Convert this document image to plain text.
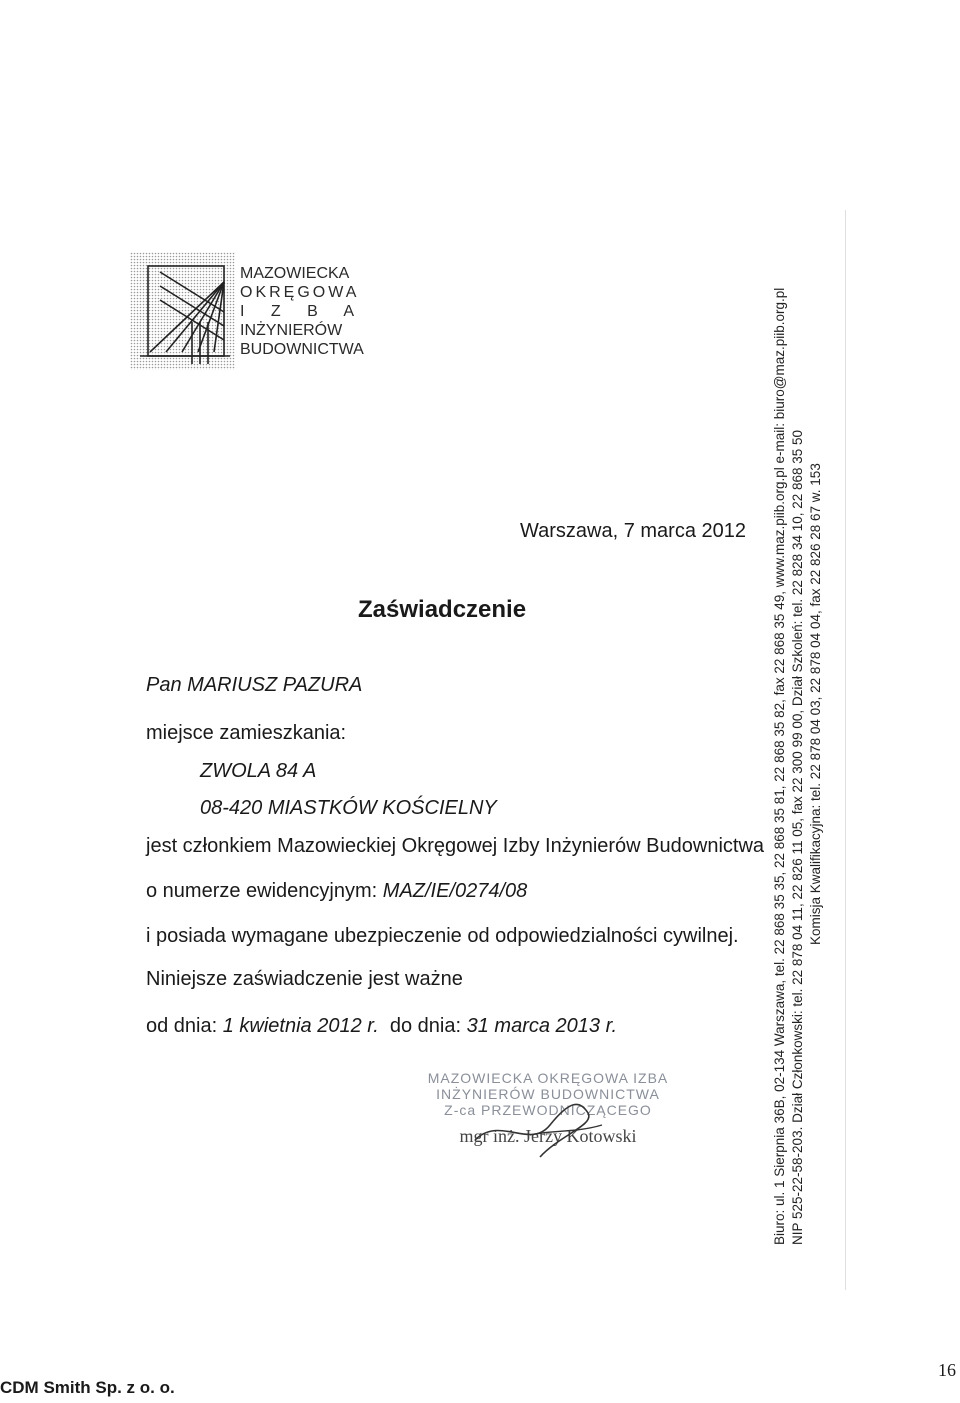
MAZOWIECKA
OKRĘGOWA
I Z B A
INŻYNIERÓW
BUDOWNICTWA
Warszawa, 7 marca 2012
Zaświadczenie
Pan MARIUSZ PAZURA
miejsce zamieszkania:
ZWOLA 84 A
08-420 MIASTKÓW KOŚCIELNY
jest członkiem Mazowieckiej Okręgowej Izby Inżynierów Budownictwa
o numerze ewidencyjnym: MAZ/IE/0274/08
i posiada wymagane ubezpieczenie od odpowiedzialności cywilnej.
Niniejsze zaświadczenie jest ważne
od dnia: 1 kwietnia 2012 r. do dnia: 31 marca 2013 r.
MAZOWIECKA OKRĘGOWA IZBA
INŻYNIERÓW BUDOWNICTWA
Z-ca PRZEWODNICZĄCEGO
mgr inż. Jerzy Kotowski	Biuro: ul. 1 Sierpnia 36B, 02-134 Warszawa, tel. 22 868 35 35, 22 868 35 81, 22 868 35 82, fax 22 868 35 49, www.maz.piib.org.pl e-mail: biuro@maz.piib.org.pl NIP 525-22-58-203. Dział Członkowski: tel. 22 878 04 11, 22 826 11 05, fax 22 300 99 00, Dział Szkoleń: tel. 22 828 34 10, 22 868 35 50 Komisja Kwalifikacyjna: tel. 22 878 04 03, 22 878 04 04, fax 22 826 28 67 w. 153
CDM Smith Sp. z o. o.
16
